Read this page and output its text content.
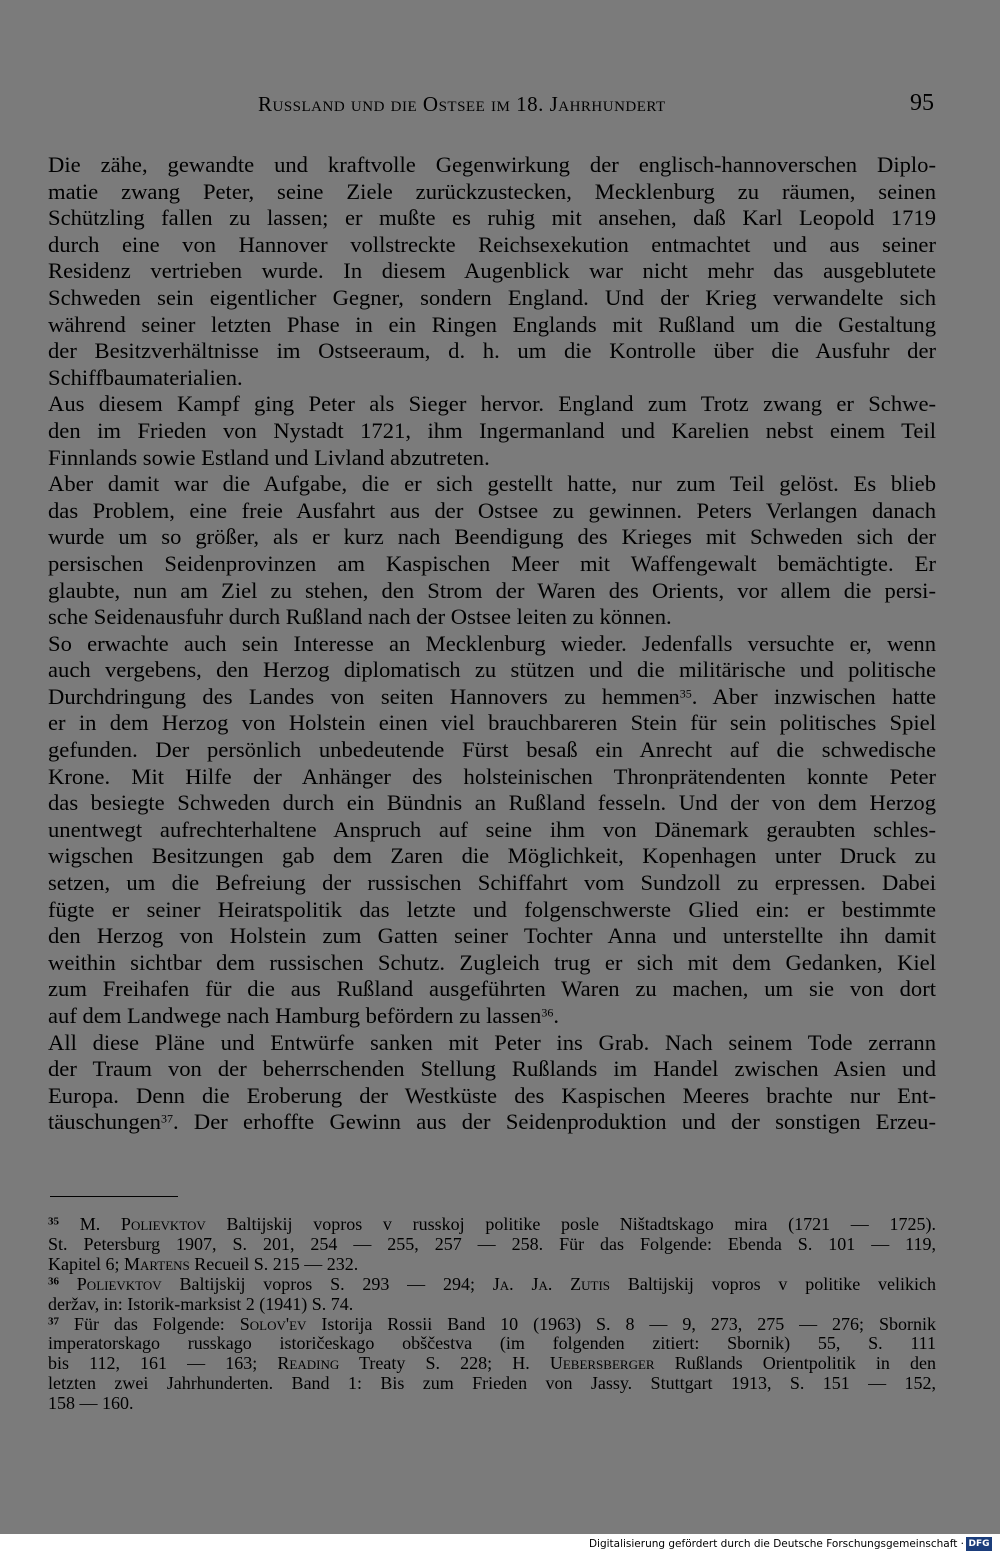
Russland und die Ostsee im 18. Jahrhundert	95
Die zähe, gewandte und kraftvolle Gegenwirkung der englisch-hannoverschen Diplo-
matie zwang Peter, seine Ziele zurückzustecken, Mecklenburg zu räumen, seinen
Schützling fallen zu lassen; er mußte es ruhig mit ansehen, daß Karl Leopold 1719
durch eine von Hannover vollstreckte Reichsexekution entmachtet und aus seiner
Residenz vertrieben wurde. In diesem Augenblick war nicht mehr das ausgeblutete
Schweden sein eigentlicher Gegner, sondern England. Und der Krieg verwandelte sich
während seiner letzten Phase in ein Ringen Englands mit Rußland um die Gestaltung
der Besitzverhältnisse im Ostseeraum, d. h. um die Kontrolle über die Ausfuhr der
Schiffbaumaterialien.
Aus diesem Kampf ging Peter als Sieger hervor. England zum Trotz zwang er Schwe-
den im Frieden von Nystadt 1721, ihm Ingermanland und Karelien nebst einem Teil
Finnlands sowie Estland und Livland abzutreten.
Aber damit war die Aufgabe, die er sich gestellt hatte, nur zum Teil gelöst. Es blieb
das Problem, eine freie Ausfahrt aus der Ostsee zu gewinnen. Peters Verlangen danach
wurde um so größer, als er kurz nach Beendigung des Krieges mit Schweden sich der
persischen Seidenprovinzen am Kaspischen Meer mit Waffengewalt bemächtigte. Er
glaubte, nun am Ziel zu stehen, den Strom der Waren des Orients, vor allem die persi-
sche Seidenausfuhr durch Rußland nach der Ostsee leiten zu können.
So erwachte auch sein Interesse an Mecklenburg wieder. Jedenfalls versuchte er, wenn
auch vergebens, den Herzog diplomatisch zu stützen und die militärische und politische
Durchdringung des Landes von seiten Hannovers zu hemmen$^{35}$. Aber inzwischen hatte
er in dem Herzog von Holstein einen viel brauchbareren Stein für sein politisches Spiel
gefunden. Der persönlich unbedeutende Fürst besaß ein Anrecht auf die schwedische
Krone. Mit Hilfe der Anhänger des holsteinischen Thronprätendenten konnte Peter
das besiegte Schweden durch ein Bündnis an Rußland fesseln. Und der von dem Herzog
unentwegt aufrechterhaltene Anspruch auf seine ihm von Dänemark geraubten schles-
wigschen Besitzungen gab dem Zaren die Möglichkeit, Kopenhagen unter Druck zu
setzen, um die Befreiung der russischen Schiffahrt vom Sundzoll zu erpressen. Dabei
fügte er seiner Heiratspolitik das letzte und folgenschwerste Glied ein: er bestimmte
den Herzog von Holstein zum Gatten seiner Tochter Anna und unterstellte ihn damit
weithin sichtbar dem russischen Schutz. Zugleich trug er sich mit dem Gedanken, Kiel
zum Freihafen für die aus Rußland ausgeführten Waren zu machen, um sie von dort
auf dem Landwege nach Hamburg befördern zu lassen$^{36}$.
All diese Pläne und Entwürfe sanken mit Peter ins Grab. Nach seinem Tode zerrann
der Traum von der beherrschenden Stellung Rußlands im Handel zwischen Asien und
Europa. Denn die Eroberung der Westküste des Kaspischen Meeres brachte nur Ent-
täuschungen$^{37}$. Der erhoffte Gewinn aus der Seidenproduktion und der sonstigen Erzeu-
$^{35}$ M. Polievktov Baltijskij vopros v russkoj politike posle Ništadtskago mira (1721 — 1725).
St. Petersburg 1907, S. 201, 254 — 255, 257 — 258. Für das Folgende: Ebenda S. 101 — 119,
Kapitel 6; Martens Recueil S. 215 — 232.
$^{36}$ Polievktov Baltijskij vopros S. 293 — 294; Ja. Ja. Zutis Baltijskij vopros v politike velikich
deržav, in: Istorik-marksist 2 (1941) S. 74.
$^{37}$ Für das Folgende: Solov'ev Istorija Rossii Band 10 (1963) S. 8 — 9, 273, 275 — 276; Sbornik
imperatorskago russkago istoričeskago obščestva (im folgenden zitiert: Sbornik) 55, S. 111
bis 112, 161 — 163; Reading Treaty S. 228; H. Uebersberger Rußlands Orientpolitik in den
letzten zwei Jahrhunderten. Band 1: Bis zum Frieden von Jassy. Stuttgart 1913, S. 151 — 152,
158 — 160.
Digitalisierung gefördert durch die Deutsche Forschungsgemeinschaft · DFG
